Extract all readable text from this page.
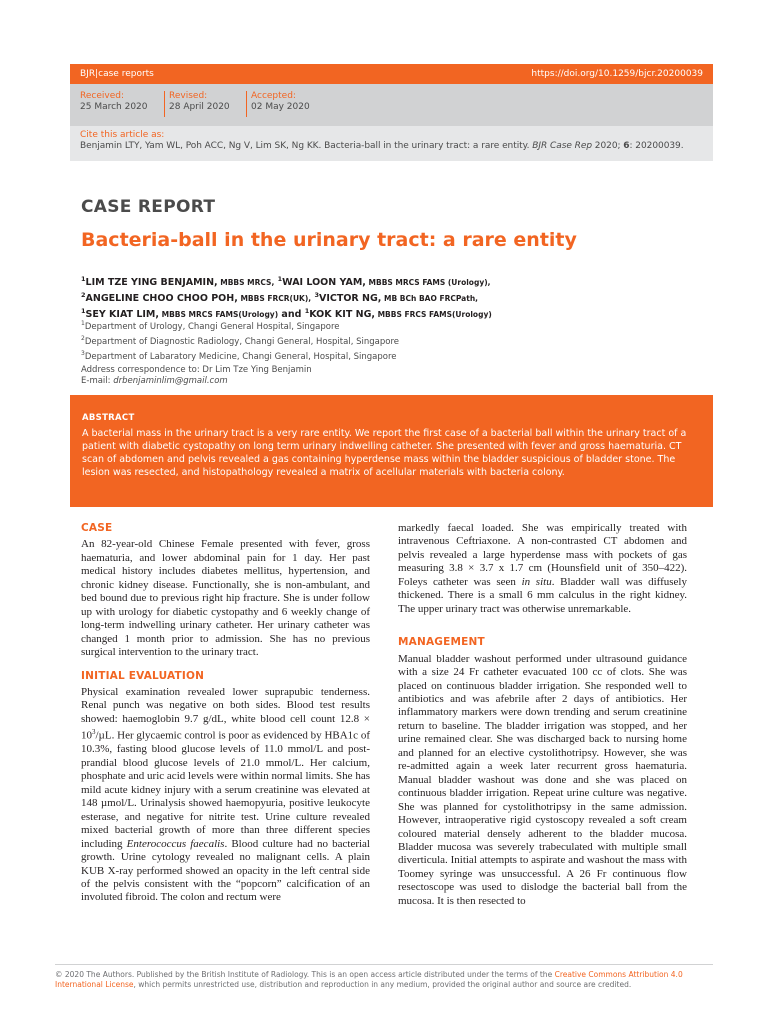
BJR|case reports	https://doi.org/10.1259/bjcr.20200039
Received:
25 March 2020
Revised:
28 April 2020
Accepted:
02 May 2020
Cite this article as:
Benjamin LTY, Yam WL, Poh ACC, Ng V, Lim SK, Ng KK. Bacteria-ball in the urinary tract: a rare entity. BJR Case Rep 2020; 6: 20200039.
CASE REPORT
Bacteria-ball in the urinary tract: a rare entity
$^1$LIM TZE YING BENJAMIN, MBBS MRCS, $^1$WAI LOON YAM, MBBS MRCS FAMS (Urology),
$^2$ANGELINE CHOO CHOO POH, MBBS FRCR(UK), $^3$VICTOR NG, MB BCh BAO FRCPath,
$^1$SEY KIAT LIM, MBBS MRCS FAMS(Urology) and $^1$KOK KIT NG, MBBS FRCS FAMS(Urology)
$^1$Department of Urology, Changi General Hospital, Singapore
$^2$Department of Diagnostic Radiology, Changi General, Hospital, Singapore
$^3$Department of Labaratory Medicine, Changi General, Hospital, Singapore
Address correspondence to: Dr Lim Tze Ying Benjamin
E-mail: drbenjaminlim@gmail.com
ABSTRACT
A bacterial mass in the urinary tract is a very rare entity. We report the first case of a bacterial ball within the urinary tract of a patient with diabetic cystopathy on long term urinary indwelling catheter. She presented with fever and gross haematuria. CT scan of abdomen and pelvis revealed a gas containing hyperdense mass within the bladder suspicious of bladder stone. The lesion was resected, and histopathology revealed a matrix of acellular materials with bacteria colony.
CASE

An 82-year-old Chinese Female presented with fever, gross haematuria, and lower abdominal pain for 1 day. Her past medical history includes diabetes mellitus, hypertension, and chronic kidney disease. Functionally, she is non-ambulant, and bed bound due to previous right hip fracture. She is under follow up with urology for diabetic cystopathy and 6 weekly change of long-term indwelling urinary catheter. Her urinary catheter was changed 1 month prior to admission. She has no previous surgical intervention to the urinary tract.

INITIAL EVALUATION

Physical examination revealed lower suprapubic tenderness. Renal punch was negative on both sides. Blood test results showed: haemoglobin 9.7 g/dL, white blood cell count $12.8 \times 10^3/\mu L$. Her glycaemic control is poor as evidenced by HBA1c of 10.3%, fasting blood glucose levels of 11.0 mmol/L and post-prandial blood glucose levels of 21.0 mmol/L. Her calcium, phosphate and uric acid levels were within normal limits. She has mild acute kidney injury with a serum creatinine was elevated at 148 µmol/L. Urinalysis showed haemopyuria, positive leukocyte esterase, and negative for nitrite test. Urine culture revealed mixed bacterial growth of more than three different species including Enterococcus faecalis. Blood culture had no bacterial growth. Urine cytology revealed no malignant cells. A plain KUB X-ray performed showed an opacity in the left central side of the pelvis consistent with the “popcorn” calcification of an involuted fibroid. The colon and rectum were

markedly faecal loaded. She was empirically treated with intravenous Ceftriaxone. A non-contrasted CT abdomen and pelvis revealed a large hyperdense mass with pockets of gas measuring 3.8 × 3.7 x 1.7 cm (Hounsfield unit of 350–422). Foleys catheter was seen in situ. Bladder wall was diffusely thickened. There is a small 6 mm calculus in the right kidney. The upper urinary tract was otherwise unremarkable.

MANAGEMENT

Manual bladder washout performed under ultrasound guidance with a size 24 Fr catheter evacuated 100 cc of clots. She was placed on continuous bladder irrigation. She responded well to antibiotics and was afebrile after 2 days of antibiotics. Her inflammatory markers were down trending and serum creatinine return to baseline. The bladder irrigation was stopped, and her urine remained clear. She was discharged back to nursing home and planned for an elective cystolithotripsy. However, she was re-admitted again a week later recurrent gross haematuria. Manual bladder washout was done and she was placed on continuous bladder irrigation. Repeat urine culture was negative. She was planned for cystolithotripsy in the same admission. However, intraoperative rigid cystoscopy revealed a soft cream coloured material densely adherent to the bladder mucosa. Bladder mucosa was severely trabeculated with multiple small diverticula. Initial attempts to aspirate and washout the mass with Toomey syringe was unsuccessful. A 26 Fr continuous flow resectoscope was used to dislodge the bacterial ball from the mucosa. It is then resected to

© 2020 The Authors. Published by the British Institute of Radiology. This is an open access article distributed under the terms of the Creative Commons Attribution 4.0 International License, which permits unrestricted use, distribution and reproduction in any medium, provided the original author and source are credited.
